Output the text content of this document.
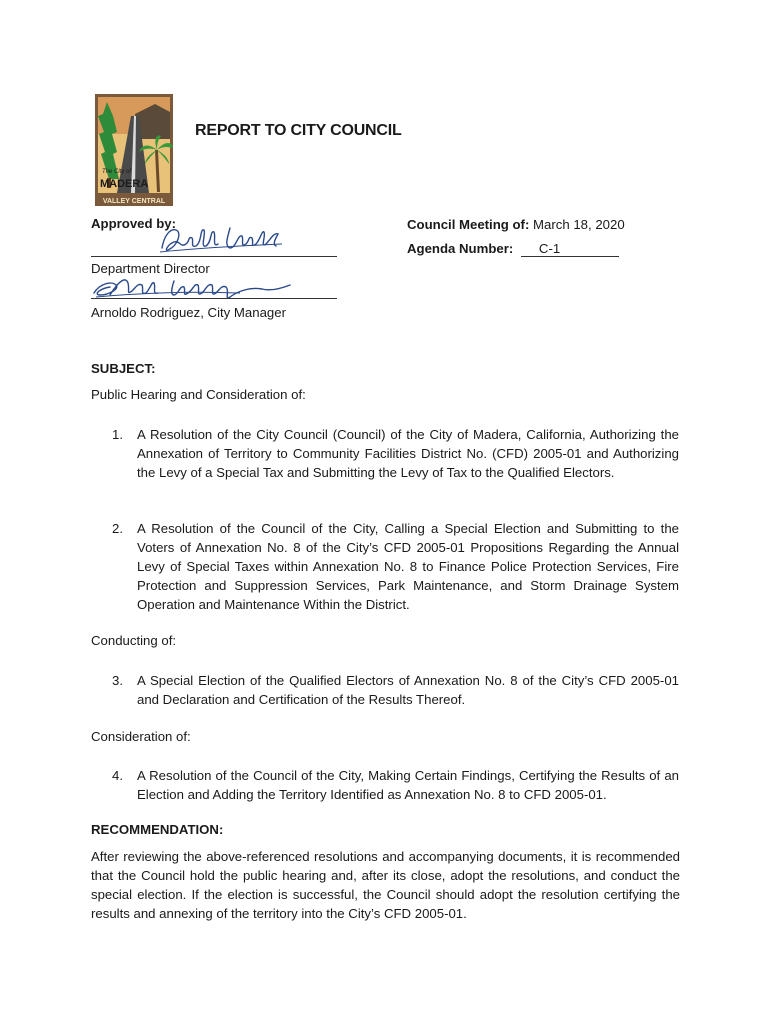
The City of
MADERA
VALLEY CENTRAL
REPORT TO CITY COUNCIL
Approved by:
Department Director
Arnoldo Rodriguez, City Manager
Council Meeting of: March 18, 2020
Agenda Number: C-1
SUBJECT:
Public Hearing and Consideration of:
1. A Resolution of the City Council (Council) of the City of Madera, California, Authorizing the Annexation of Territory to Community Facilities District No. (CFD) 2005-01 and Authorizing the Levy of a Special Tax and Submitting the Levy of Tax to the Qualified Electors.
2. A Resolution of the Council of the City, Calling a Special Election and Submitting to the Voters of Annexation No. 8 of the City’s CFD 2005-01 Propositions Regarding the Annual Levy of Special Taxes within Annexation No. 8 to Finance Police Protection Services, Fire Protection and Suppression Services, Park Maintenance, and Storm Drainage System Operation and Maintenance Within the District.
Conducting of:
3. A Special Election of the Qualified Electors of Annexation No. 8 of the City’s CFD 2005-01 and Declaration and Certification of the Results Thereof.
Consideration of:
4. A Resolution of the Council of the City, Making Certain Findings, Certifying the Results of an Election and Adding the Territory Identified as Annexation No. 8 to CFD 2005-01.
RECOMMENDATION:
After reviewing the above-referenced resolutions and accompanying documents, it is recommended that the Council hold the public hearing and, after its close, adopt the resolutions, and conduct the special election. If the election is successful, the Council should adopt the resolution certifying the results and annexing of the territory into the City’s CFD 2005-01.
